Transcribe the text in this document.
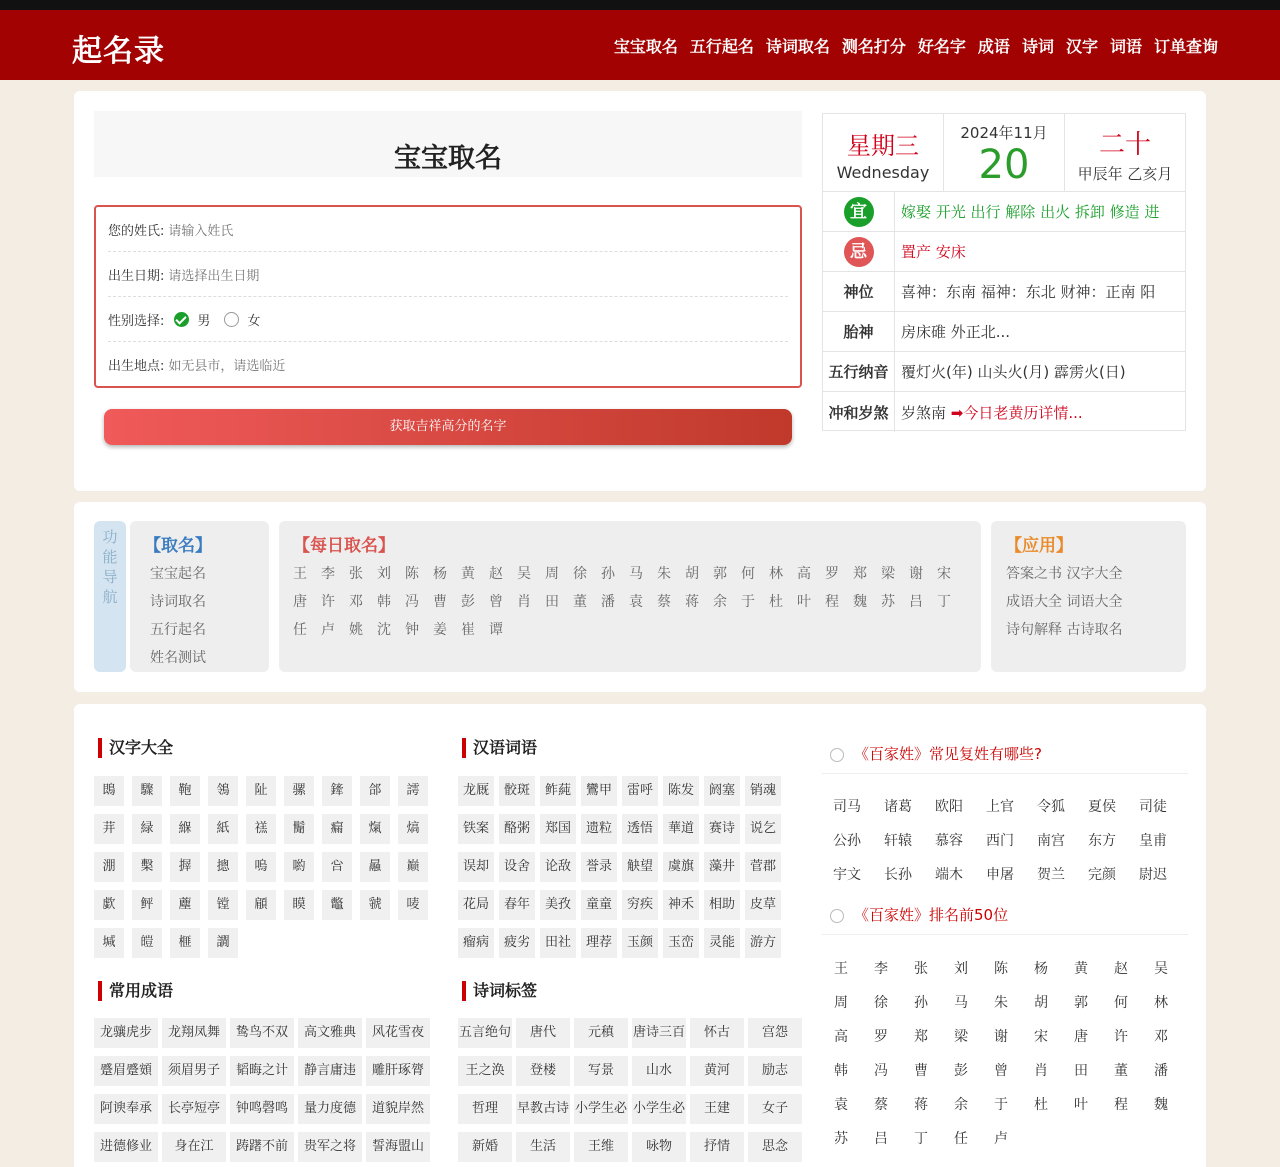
起名录	宝宝取名 五行起名 诗词取名 测名打分 好名字 成语 诗词 汉字 词语 订单查询
宝宝取名
您的姓氏: 请输入姓氏
出生日期: 请选择出生日期
性别选择:	男	女
出生地点: 如无县市，请选临近
获取吉祥高分的名字
星期三
Wednesday
2024年11月
20	二十
甲辰年 乙亥月
宜	嫁娶 开光 出行 解除 出火 拆卸 修造 进
忌	置产 安床
神位	喜神：东南 福神：东北 财神：正南 阳
胎神	房床碓 外正北...
五行纳音 覆灯火(年) 山头火(月) 霹雳火(日)
冲和岁煞 岁煞南 ➡今日老黄历详情...
功
能
导
航
【取名】
宝宝起名
诗词取名
五行起名
姓名测试
【每日取名】
王	李	张	刘	陈	杨	黄	赵	吴	周	徐	孙	马	朱	胡	郭	何	林	高	罗	郑	梁	谢	宋
唐	许	邓	韩	冯	曹	彭	曾	肖	田	董	潘	袁	蔡	蒋	余	于	杜	叶	程	魏	苏	吕	丁
任	卢	姚	沈	钟	姜	崔	谭
【应用】
答案之书 汉字大全
成语大全 词语大全
诗句解释 古诗取名
汉字大全
鵖	驟	鞄	鴒	阯	骡	鏲	郃	謣
茾	緑	緥	紙	禚	鬜	瘺	熂	熇
淜	檕	搱	摠	嗚	喲	吢	曧	巅
歔	鲆	薼	镗	顅	瞙	鼈	虢	唛
堿	皚	榧	譋
汉语词语
龙厩	骹斑	鲊蒓	鸞甲	雷呼	陈发	阏塞	销魂
铁案	酪粥	郑国	遗粒	透悟	華道	赛诗	说乞
误却	设舍	论敌	誉录	觖望	虞旗	藻井	菅郡
花局	春年	美孜	童童	穷疾	神禾	相助	皮草
瘤病	疲劣	田社	理荐	玉颜	玉峦	灵能	游方
常用成语
龙骧虎步	龙翔凤舞	鸷鸟不双	高文雅典	风花雪夜
蹙眉蹙頞	须眉男子	韬晦之计	静言庸违	雕肝琢膂
阿谀奉承	长亭短亭	钟鸣磬鸣	量力度德	道貌岸然
进德修业	身在江	踌躇不前	贵军之将	誓海盟山
诗词标签
五言绝句	唐代	元稹	唐诗三百	怀古	宫怨
王之涣	登楼	写景	山水	黄河	励志
哲理	早教古诗 小学生必 小学生必	王建	女子
新婚	生活	王维	咏物	抒情	思念
《百家姓》常见复姓有哪些?
司马	诸葛	欧阳	上官	令狐	夏侯	司徒
公孙	轩辕	慕容	西门	南宫	东方	皇甫
宇文	长孙	端木	申屠	贺兰	完颜	尉迟
《百家姓》排名前50位
王	李	张	刘	陈	杨	黄	赵	吴
周	徐	孙	马	朱	胡	郭	何	林
高	罗	郑	梁	谢	宋	唐	许	邓
韩	冯	曹	彭	曾	肖	田	董	潘
袁	蔡	蒋	余	于	杜	叶	程	魏
苏	吕	丁	任	卢
